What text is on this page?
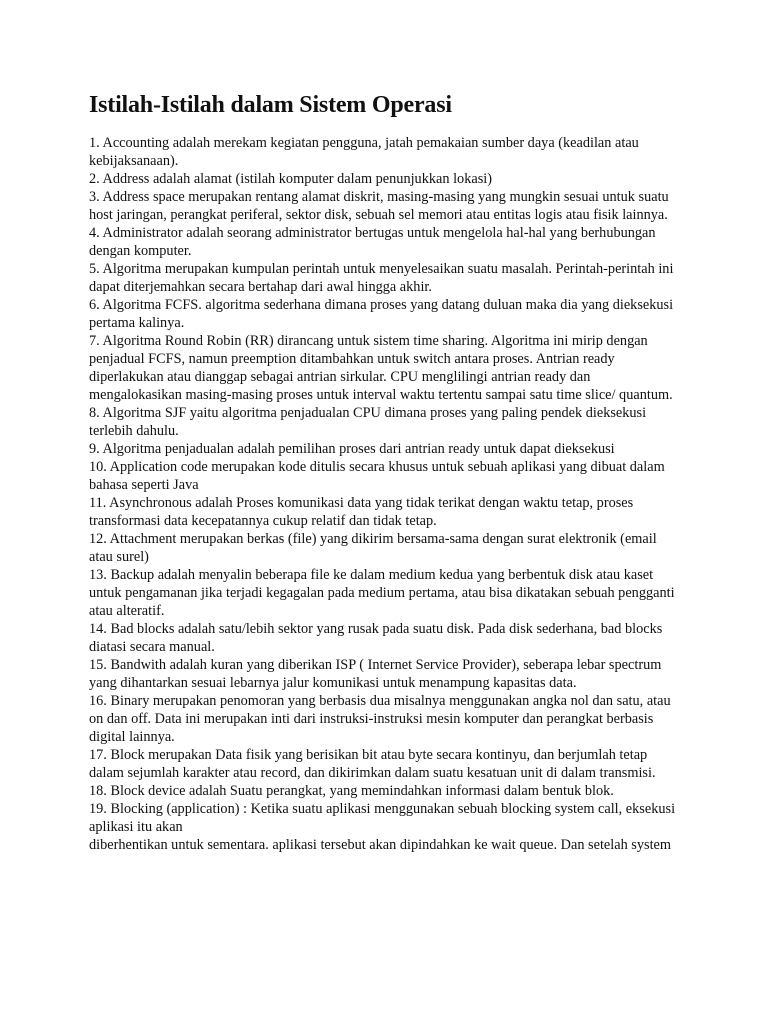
Istilah-Istilah dalam Sistem Operasi
1. Accounting adalah merekam kegiatan pengguna, jatah pemakaian sumber daya (keadilan atau kebijaksanaan).
2. Address adalah alamat (istilah komputer dalam penunjukkan lokasi)
3. Address space merupakan rentang alamat diskrit, masing-masing yang mungkin sesuai untuk suatu host jaringan, perangkat periferal, sektor disk, sebuah sel memori atau entitas logis atau fisik lainnya.
4. Administrator adalah seorang administrator bertugas untuk mengelola hal-hal yang berhubungan dengan komputer.
5. Algoritma merupakan kumpulan perintah untuk menyelesaikan suatu masalah. Perintah-perintah ini dapat diterjemahkan secara bertahap dari awal hingga akhir.
6. Algoritma FCFS. algoritma sederhana dimana proses yang datang duluan maka dia yang dieksekusi pertama kalinya.
7. Algoritma Round Robin (RR) dirancang untuk sistem time sharing. Algoritma ini mirip dengan penjadual FCFS, namun preemption ditambahkan untuk switch antara proses. Antrian ready diperlakukan atau dianggap sebagai antrian sirkular. CPU menglilingi antrian ready dan mengalokasikan masing-masing proses untuk interval waktu tertentu sampai satu time slice/ quantum.
8. Algoritma SJF yaitu algoritma penjadualan CPU dimana proses yang paling pendek dieksekusi terlebih dahulu.
9. Algoritma penjadualan adalah pemilihan proses dari antrian ready untuk dapat dieksekusi
10. Application code merupakan kode ditulis secara khusus untuk sebuah aplikasi yang dibuat dalam bahasa seperti Java
11. Asynchronous adalah Proses komunikasi data yang tidak terikat dengan waktu tetap, proses transformasi data kecepatannya cukup relatif dan tidak tetap.
12. Attachment merupakan berkas (file) yang dikirim bersama-sama dengan surat elektronik (email atau surel)
13. Backup adalah menyalin beberapa file ke dalam medium kedua yang berbentuk disk atau kaset untuk pengamanan jika terjadi kegagalan pada medium pertama, atau bisa dikatakan sebuah pengganti atau alteratif.
14. Bad blocks adalah satu/lebih sektor yang rusak pada suatu disk. Pada disk sederhana, bad blocks diatasi secara manual.
15. Bandwith adalah kuran yang diberikan ISP ( Internet Service Provider), seberapa lebar spectrum yang dihantarkan sesuai lebarnya jalur komunikasi untuk menampung kapasitas data.
16. Binary merupakan penomoran yang berbasis dua misalnya menggunakan angka nol dan satu, atau on dan off. Data ini merupakan inti dari instruksi-instruksi mesin komputer dan perangkat berbasis digital lainnya.
17. Block merupakan Data fisik yang berisikan bit atau byte secara kontinyu, dan berjumlah tetap dalam sejumlah karakter atau record, dan dikirimkan dalam suatu kesatuan unit di dalam transmisi.
18. Block device adalah Suatu perangkat, yang memindahkan informasi dalam bentuk blok.
19. Blocking (application) : Ketika suatu aplikasi menggunakan sebuah blocking system call, eksekusi aplikasi itu akan
diberhentikan untuk sementara. aplikasi tersebut akan dipindahkan ke wait queue. Dan setelah system
